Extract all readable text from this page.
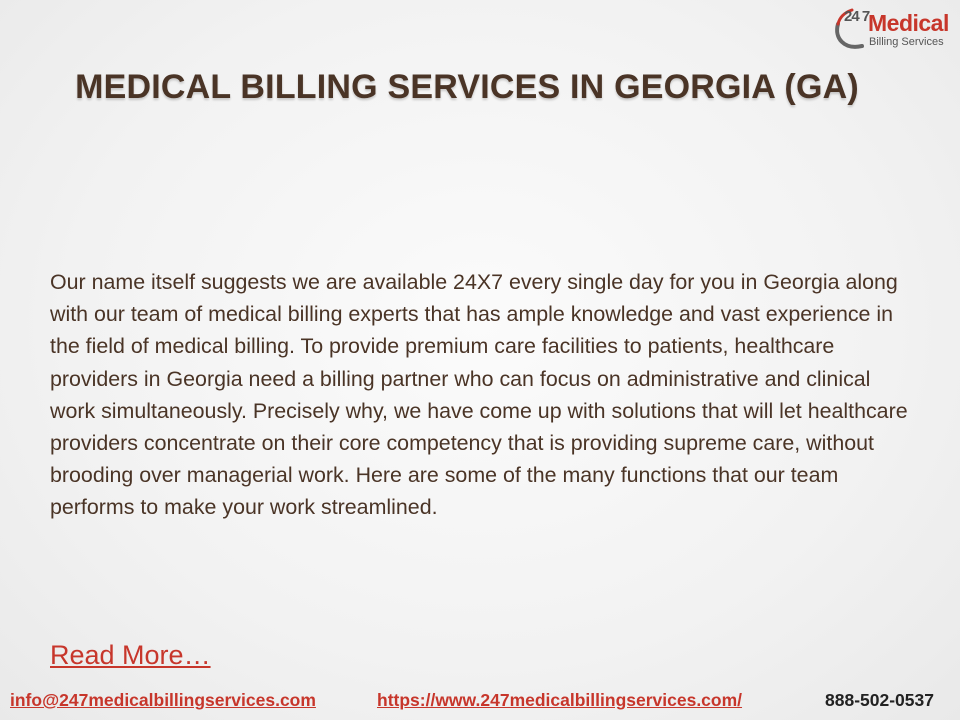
24 7
Medical
Billing Services
MEDICAL BILLING SERVICES IN GEORGIA (GA)

Our name itself suggests we are available 24X7 every single day for you in Georgia along with our team of medical billing experts that has ample knowledge and vast experience in the field of medical billing. To provide premium care facilities to patients, healthcare providers in Georgia need a billing partner who can focus on administrative and clinical work simultaneously. Precisely why, we have come up with solutions that will let healthcare providers concentrate on their core competency that is providing supreme care, without brooding over managerial work. Here are some of the many functions that our team performs to make your work streamlined.

Read More…
info@247medicalbillingservices.com	https://www.247medicalbillingservices.com/	888-502-0537
